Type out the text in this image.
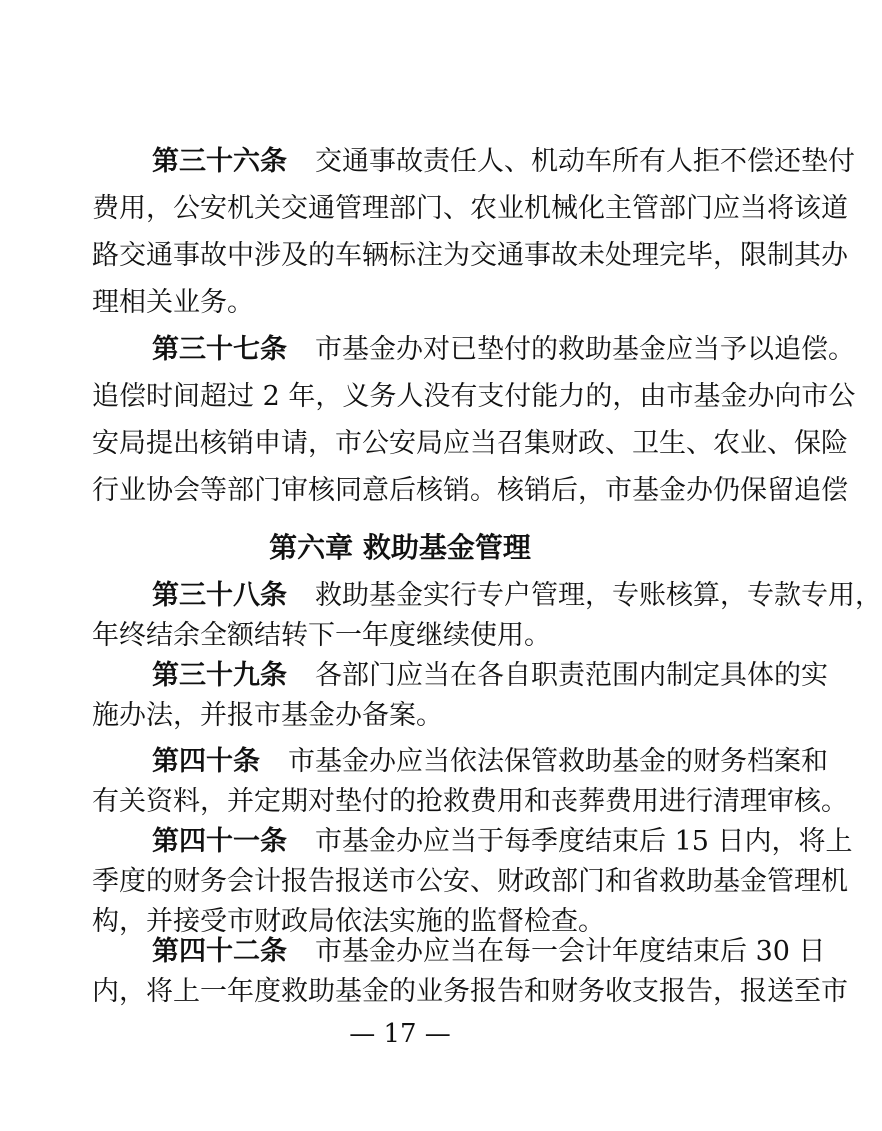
第三十六条 交通事故责任人、机动车所有人拒不偿还垫付
费用，公安机关交通管理部门、农业机械化主管部门应当将该道
路交通事故中涉及的车辆标注为交通事故未处理完毕，限制其办
理相关业务。
第三十七条 市基金办对已垫付的救助基金应当予以追偿。
追偿时间超过 2 年，义务人没有支付能力的，由市基金办向市公
安局提出核销申请，市公安局应当召集财政、卫生、农业、保险
行业协会等部门审核同意后核销。核销后，市基金办仍保留追偿
第六章 救助基金管理
第三十八条 救助基金实行专户管理，专账核算，专款专用，
年终结余全额结转下一年度继续使用。
第三十九条 各部门应当在各自职责范围内制定具体的实
施办法，并报市基金办备案。
第四十条 市基金办应当依法保管救助基金的财务档案和
有关资料，并定期对垫付的抢救费用和丧葬费用进行清理审核。
第四十一条 市基金办应当于每季度结束后 15 日内，将上
季度的财务会计报告报送市公安、财政部门和省救助基金管理机
构，并接受市财政局依法实施的监督检查。
— 17 —
第四十二条 市基金办应当在每一会计年度结束后 30 日
内，将上一年度救助基金的业务报告和财务收支报告，报送至市
